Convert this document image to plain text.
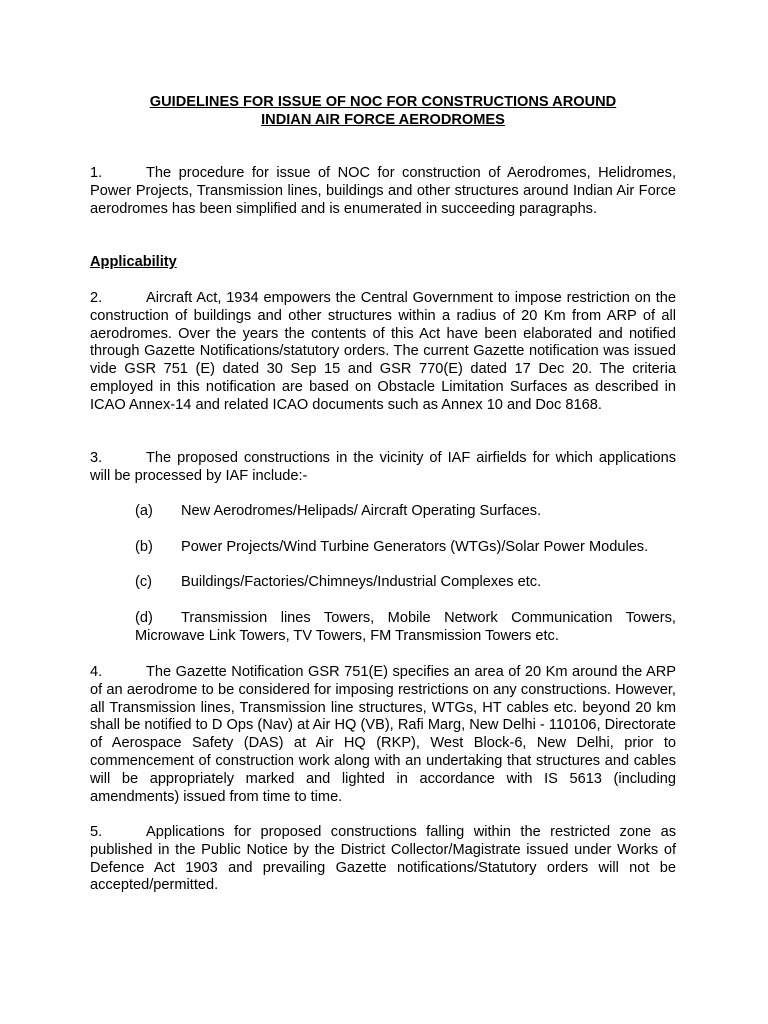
GUIDELINES FOR ISSUE OF NOC FOR CONSTRUCTIONS AROUND
INDIAN AIR FORCE AERODROMES

1.	The procedure for issue of NOC for construction of Aerodromes, Helidromes, Power Projects, Transmission lines, buildings and other structures around Indian Air Force aerodromes has been simplified and is enumerated in succeeding paragraphs.

Applicability

2.	Aircraft Act, 1934 empowers the Central Government to impose restriction on the construction of buildings and other structures within a radius of 20 Km from ARP of all aerodromes. Over the years the contents of this Act have been elaborated and notified through Gazette Notifications/statutory orders. The current Gazette notification was issued vide GSR 751 (E) dated 30 Sep 15 and GSR 770(E) dated 17 Dec 20. The criteria employed in this notification are based on Obstacle Limitation Surfaces as described in ICAO Annex-14 and related ICAO documents such as Annex 10 and Doc 8168.

3.	The proposed constructions in the vicinity of IAF airfields for which applications will be processed by IAF include:-

(a) New Aerodromes/Helipads/ Aircraft Operating Surfaces.

(b) Power Projects/Wind Turbine Generators (WTGs)/Solar Power Modules.

(c) Buildings/Factories/Chimneys/Industrial Complexes etc.

(d) Transmission lines Towers, Mobile Network Communication Towers, Microwave Link Towers, TV Towers, FM Transmission Towers etc.

4.	The Gazette Notification GSR 751(E) specifies an area of 20 Km around the ARP of an aerodrome to be considered for imposing restrictions on any constructions. However, all Transmission lines, Transmission line structures, WTGs, HT cables etc. beyond 20 km shall be notified to D Ops (Nav) at Air HQ (VB), Rafi Marg, New Delhi - 110106, Directorate of Aerospace Safety (DAS) at Air HQ (RKP), West Block-6, New Delhi, prior to commencement of construction work along with an undertaking that structures and cables will be appropriately marked and lighted in accordance with IS 5613 (including amendments) issued from time to time.

5.	Applications for proposed constructions falling within the restricted zone as published in the Public Notice by the District Collector/Magistrate issued under Works of Defence Act 1903 and prevailing Gazette notifications/Statutory orders will not be accepted/permitted.
